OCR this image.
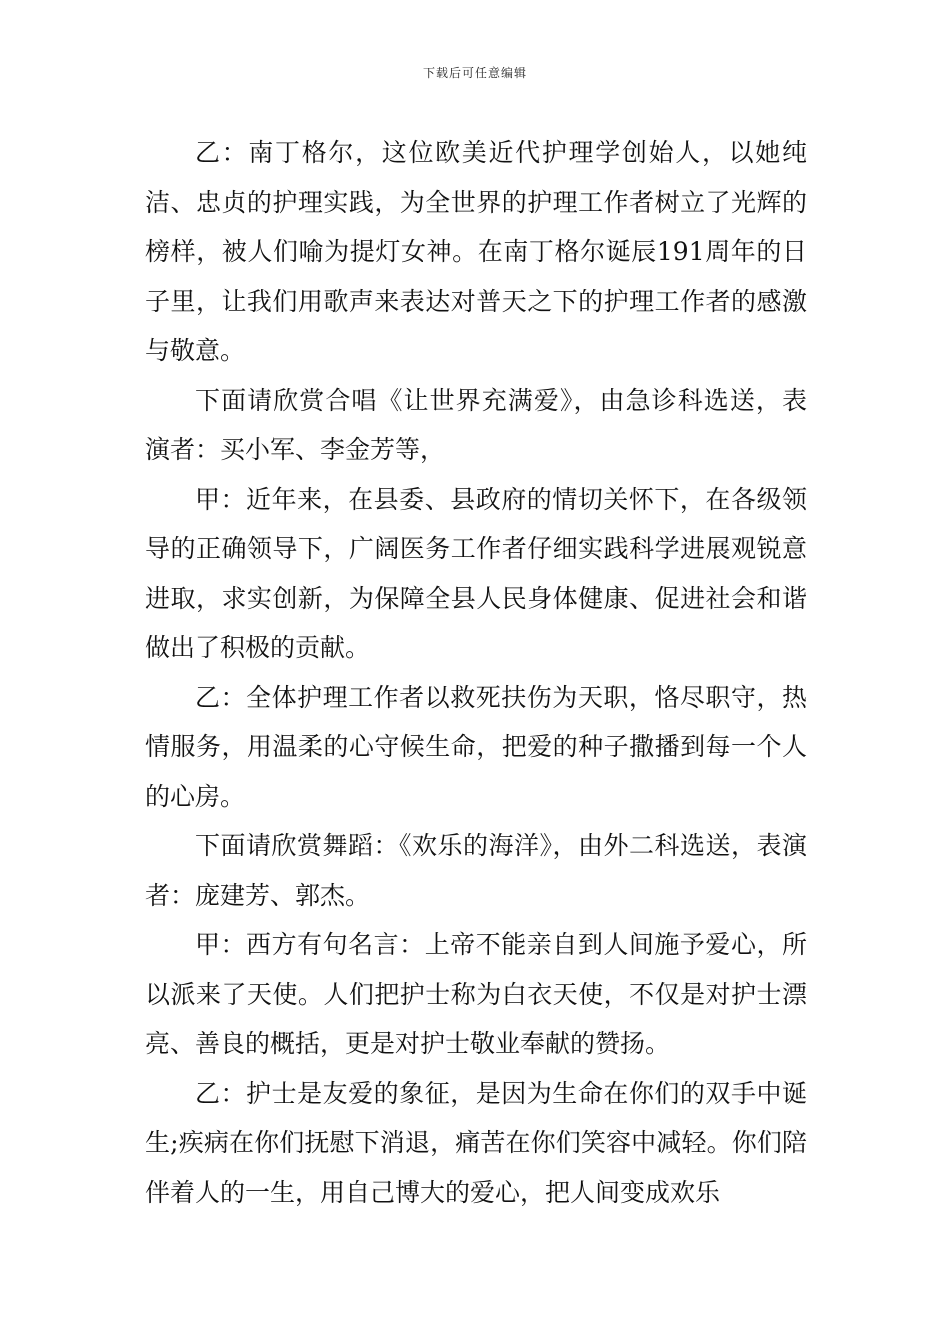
下载后可任意编辑

乙：南丁格尔，这位欧美近代护理学创始人，以她纯洁、忠贞的护理实践，为全世界的护理工作者树立了光辉的榜样，被人们喻为提灯女神。在南丁格尔诞辰191周年的日子里，让我们用歌声来表达对普天之下的护理工作者的感激与敬意。

下面请欣赏合唱《让世界充满爱》，由急诊科选送，表演者：买小军、李金芳等，

甲：近年来，在县委、县政府的情切关怀下，在各级领导的正确领导下，广阔医务工作者仔细实践科学进展观锐意进取，求实创新，为保障全县人民身体健康、促进社会和谐做出了积极的贡献。

乙：全体护理工作者以救死扶伤为天职，恪尽职守，热情服务，用温柔的心守候生命，把爱的种子撒播到每一个人的心房。

下面请欣赏舞蹈：《欢乐的海洋》，由外二科选送，表演者：庞建芳、郭杰。

甲：西方有句名言：上帝不能亲自到人间施予爱心，所以派来了天使。人们把护士称为白衣天使，不仅是对护士漂亮、善良的概括，更是对护士敬业奉献的赞扬。

乙：护士是友爱的象征，是因为生命在你们的双手中诞生;疾病在你们抚慰下消退，痛苦在你们笑容中减轻。你们陪伴着人的一生，用自己博大的爱心，把人间变成欢乐
